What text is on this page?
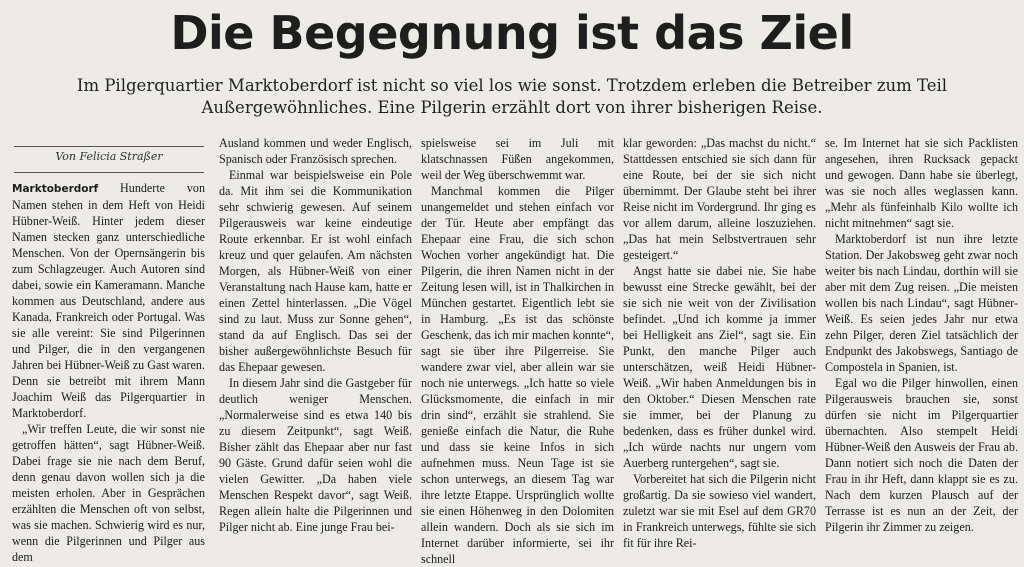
Die Begegnung ist das Ziel
Im Pilgerquartier Marktoberdorf ist nicht so viel los wie sonst. Trotzdem erleben die Betreiber zum Teil Außergewöhnliches. Eine Pilgerin erzählt dort von ihrer bisherigen Reise.
Von Felicia Straßer

Marktoberdorf Hunderte von Namen stehen in dem Heft von Heidi Hübner-Weiß. Hinter jedem dieser Namen stecken ganz unterschiedliche Menschen. Von der Opernsängerin bis zum Schlagzeuger. Auch Autoren sind dabei, sowie ein Kameramann. Manche kommen aus Deutschland, andere aus Kanada, Frankreich oder Portugal. Was sie alle vereint: Sie sind Pilgerinnen und Pilger, die in den vergangenen Jahren bei Hübner-Weiß zu Gast waren. Denn sie betreibt mit ihrem Mann Joachim Weiß das Pilgerquartier in Marktoberdorf.

„Wir treffen Leute, die wir sonst nie getroffen hätten“, sagt Hübner-Weiß. Dabei frage sie nie nach dem Beruf, denn genau davon wollen sich ja die meisten erholen. Aber in Gesprächen erzählten die Menschen oft von selbst, was sie machen. Schwierig wird es nur, wenn die Pilgerinnen und Pilger aus dem

Ausland kommen und weder Englisch, Spanisch oder Französisch sprechen.

Einmal war beispielsweise ein Pole da. Mit ihm sei die Kommunikation sehr schwierig gewesen. Auf seinem Pilgerausweis war keine eindeutige Route erkennbar. Er ist wohl einfach kreuz und quer gelaufen. Am nächsten Morgen, als Hübner-Weiß von einer Veranstaltung nach Hause kam, hatte er einen Zettel hinterlassen. „Die Vögel sind zu laut. Muss zur Sonne gehen“, stand da auf Englisch. Das sei der bisher außergewöhnlichste Besuch für das Ehepaar gewesen.

In diesem Jahr sind die Gastgeber für deutlich weniger Menschen. „Normalerweise sind es etwa 140 bis zu diesem Zeitpunkt“, sagt Weiß. Bisher zählt das Ehepaar aber nur fast 90 Gäste. Grund dafür seien wohl die vielen Gewitter. „Da haben viele Menschen Respekt davor“, sagt Weiß. Regen allein halte die Pilgerinnen und Pilger nicht ab. Eine junge Frau bei-

spielsweise sei im Juli mit klatschnassen Füßen angekommen, weil der Weg überschwemmt war.

Manchmal kommen die Pilger unangemeldet und stehen einfach vor der Tür. Heute aber empfängt das Ehepaar eine Frau, die sich schon Wochen vorher angekündigt hat. Die Pilgerin, die ihren Namen nicht in der Zeitung lesen will, ist in Thalkirchen in München gestartet. Eigentlich lebt sie in Hamburg. „Es ist das schönste Geschenk, das ich mir machen konnte“, sagt sie über ihre Pilgerreise. Sie wandere zwar viel, aber allein war sie noch nie unterwegs. „Ich hatte so viele Glücksmomente, die einfach in mir drin sind“, erzählt sie strahlend. Sie genieße einfach die Natur, die Ruhe und dass sie keine Infos in sich aufnehmen muss. Neun Tage ist sie schon unterwegs, an diesem Tag war ihre letzte Etappe. Ursprünglich wollte sie einen Höhenweg in den Dolomiten allein wandern. Doch als sie sich im Internet darüber informierte, sei ihr schnell

klar geworden: „Das machst du nicht.“ Stattdessen entschied sie sich dann für eine Route, bei der sie sich nicht übernimmt. Der Glaube steht bei ihrer Reise nicht im Vordergrund. Ihr ging es vor allem darum, alleine loszuziehen. „Das hat mein Selbstvertrauen sehr gesteigert.“

Angst hatte sie dabei nie. Sie habe bewusst eine Strecke gewählt, bei der sie sich nie weit von der Zivilisation befindet. „Und ich komme ja immer bei Helligkeit ans Ziel“, sagt sie. Ein Punkt, den manche Pilger auch unterschätzen, weiß Heidi Hübner-Weiß. „Wir haben Anmeldungen bis in den Oktober.“ Diesen Menschen rate sie immer, bei der Planung zu bedenken, dass es früher dunkel wird. „Ich würde nachts nur ungern vom Auerberg runtergehen“, sagt sie.

Vorbereitet hat sich die Pilgerin nicht großartig. Da sie sowieso viel wandert, zuletzt war sie mit Esel auf dem GR70 in Frankreich unterwegs, fühlte sie sich fit für ihre Rei-

se. Im Internet hat sie sich Packlisten angesehen, ihren Rucksack gepackt und gewogen. Dann habe sie überlegt, was sie noch alles weglassen kann. „Mehr als fünfeinhalb Kilo wollte ich nicht mitnehmen“ sagt sie.

Marktoberdorf ist nun ihre letzte Station. Der Jakobsweg geht zwar noch weiter bis nach Lindau, dorthin will sie aber mit dem Zug reisen. „Die meisten wollen bis nach Lindau“, sagt Hübner-Weiß. Es seien jedes Jahr nur etwa zehn Pilger, deren Ziel tatsächlich der Endpunkt des Jakobswegs, Santiago de Compostela in Spanien, ist.

Egal wo die Pilger hinwollen, einen Pilgerausweis brauchen sie, sonst dürfen sie nicht im Pilgerquartier übernachten. Also stempelt Heidi Hübner-Weiß den Ausweis der Frau ab. Dann notiert sich noch die Daten der Frau in ihr Heft, dann klappt sie es zu. Nach dem kurzen Plausch auf der Terrasse ist es nun an der Zeit, der Pilgerin ihr Zimmer zu zeigen.
